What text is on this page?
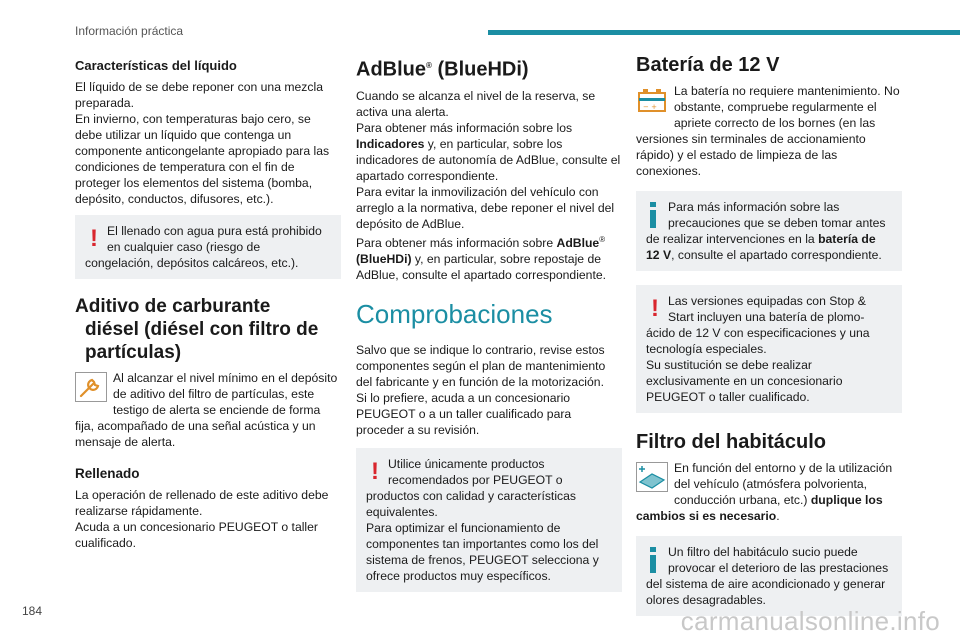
Información práctica
Características del líquido

El líquido de se debe reponer con una mezcla preparada.

En invierno, con temperaturas bajo cero, se debe utilizar un líquido que contenga un componente anticongelante apropiado para las condiciones de temperatura con el fin de proteger los elementos del sistema (bomba, depósito, conductos, difusores, etc.).

! El llenado con agua pura está prohibido en cualquier caso (riesgo de congelación, depósitos calcáreos, etc.).

Aditivo de carburante
diésel (diésel con filtro de
partículas)

Al alcanzar el nivel mínimo en el depósito de aditivo del filtro de partículas, este testigo de alerta se enciende de forma fija, acompañado de una señal acústica y un mensaje de alerta.

Rellenado

La operación de rellenado de este aditivo debe realizarse rápidamente.

Acuda a un concesionario PEUGEOT o taller cualificado.

AdBlue® (BlueHDi)

Cuando se alcanza el nivel de la reserva, se activa una alerta.

Para obtener más información sobre los Indicadores y, en particular, sobre los indicadores de autonomía de AdBlue, consulte el apartado correspondiente.

Para evitar la inmovilización del vehículo con arreglo a la normativa, debe reponer el nivel del depósito de AdBlue.

Para obtener más información sobre AdBlue®
(BlueHDi) y, en particular, sobre repostaje de AdBlue, consulte el apartado correspondiente.

Comprobaciones

Salvo que se indique lo contrario, revise estos componentes según el plan de mantenimiento del fabricante y en función de la motorización.

Si lo prefiere, acuda a un concesionario PEUGEOT o a un taller cualificado para proceder a su revisión.

! Utilice únicamente productos recomendados por PEUGEOT o productos con calidad y características equivalentes.

Para optimizar el funcionamiento de componentes tan importantes como los del sistema de frenos, PEUGEOT selecciona y ofrece productos muy específicos.

Batería de 12 V
− +

La batería no requiere mantenimiento. No obstante, compruebe regularmente el apriete correcto de los bornes (en las versiones sin terminales de accionamiento rápido) y el estado de limpieza de las conexiones.

Para más información sobre las precauciones que se deben tomar antes de realizar intervenciones en la batería de 12 V, consulte el apartado correspondiente.

! Las versiones equipadas con Stop & Start incluyen una batería de plomo-ácido de 12 V con especificaciones y una tecnología especiales.

Su sustitución se debe realizar exclusivamente en un concesionario PEUGEOT o taller cualificado.

Filtro del habitáculo

En función del entorno y de la utilización del vehículo (atmósfera polvorienta, conducción urbana, etc.) duplique los cambios si es necesario.

Un filtro del habitáculo sucio puede provocar el deterioro de las prestaciones del sistema de aire acondicionado y generar olores desagradables.

184	carmanualsonline.info
